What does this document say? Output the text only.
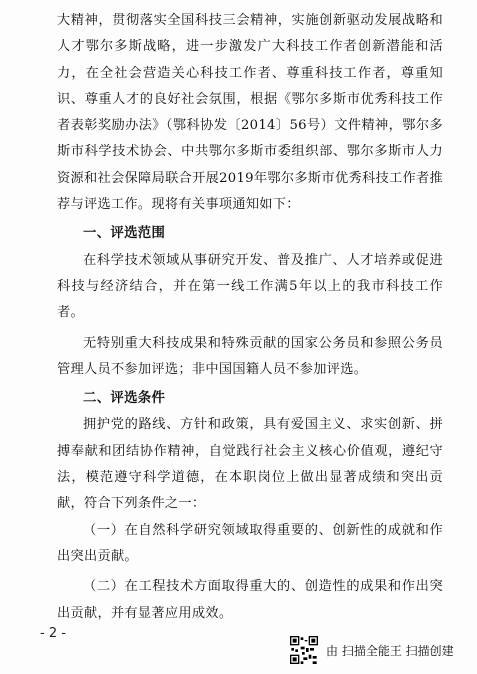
大精神，贯彻落实全国科技三会精神，实施创新驱动发展战略和人才鄂尔多斯战略，进一步激发广大科技工作者创新潜能和活力，在全社会营造关心科技工作者、尊重科技工作者，尊重知识、尊重人才的良好社会氛围，根据《鄂尔多斯市优秀科技工作者表彰奖励办法》（鄂科协发〔2014〕56号）文件精神，鄂尔多斯市科学技术协会、中共鄂尔多斯市委组织部、鄂尔多斯市人力资源和社会保障局联合开展2019年鄂尔多斯市优秀科技工作者推荐与评选工作。现将有关事项通知如下：

一、评选范围

在科学技术领域从事研究开发、普及推广、人才培养或促进科技与经济结合，并在第一线工作满5年以上的我市科技工作者。

无特别重大科技成果和特殊贡献的国家公务员和参照公务员管理人员不参加评选；非中国国籍人员不参加评选。

二、评选条件

拥护党的路线、方针和政策，具有爱国主义、求实创新、拼搏奉献和团结协作精神，自觉践行社会主义核心价值观，遵纪守法，模范遵守科学道德，在本职岗位上做出显著成绩和突出贡献，符合下列条件之一：

（一）在自然科学研究领域取得重要的、创新性的成就和作出突出贡献。

（二）在工程技术方面取得重大的、创造性的成果和作出突出贡献，并有显著应用成效。

- 2 -
由 扫描全能王 扫描创建
